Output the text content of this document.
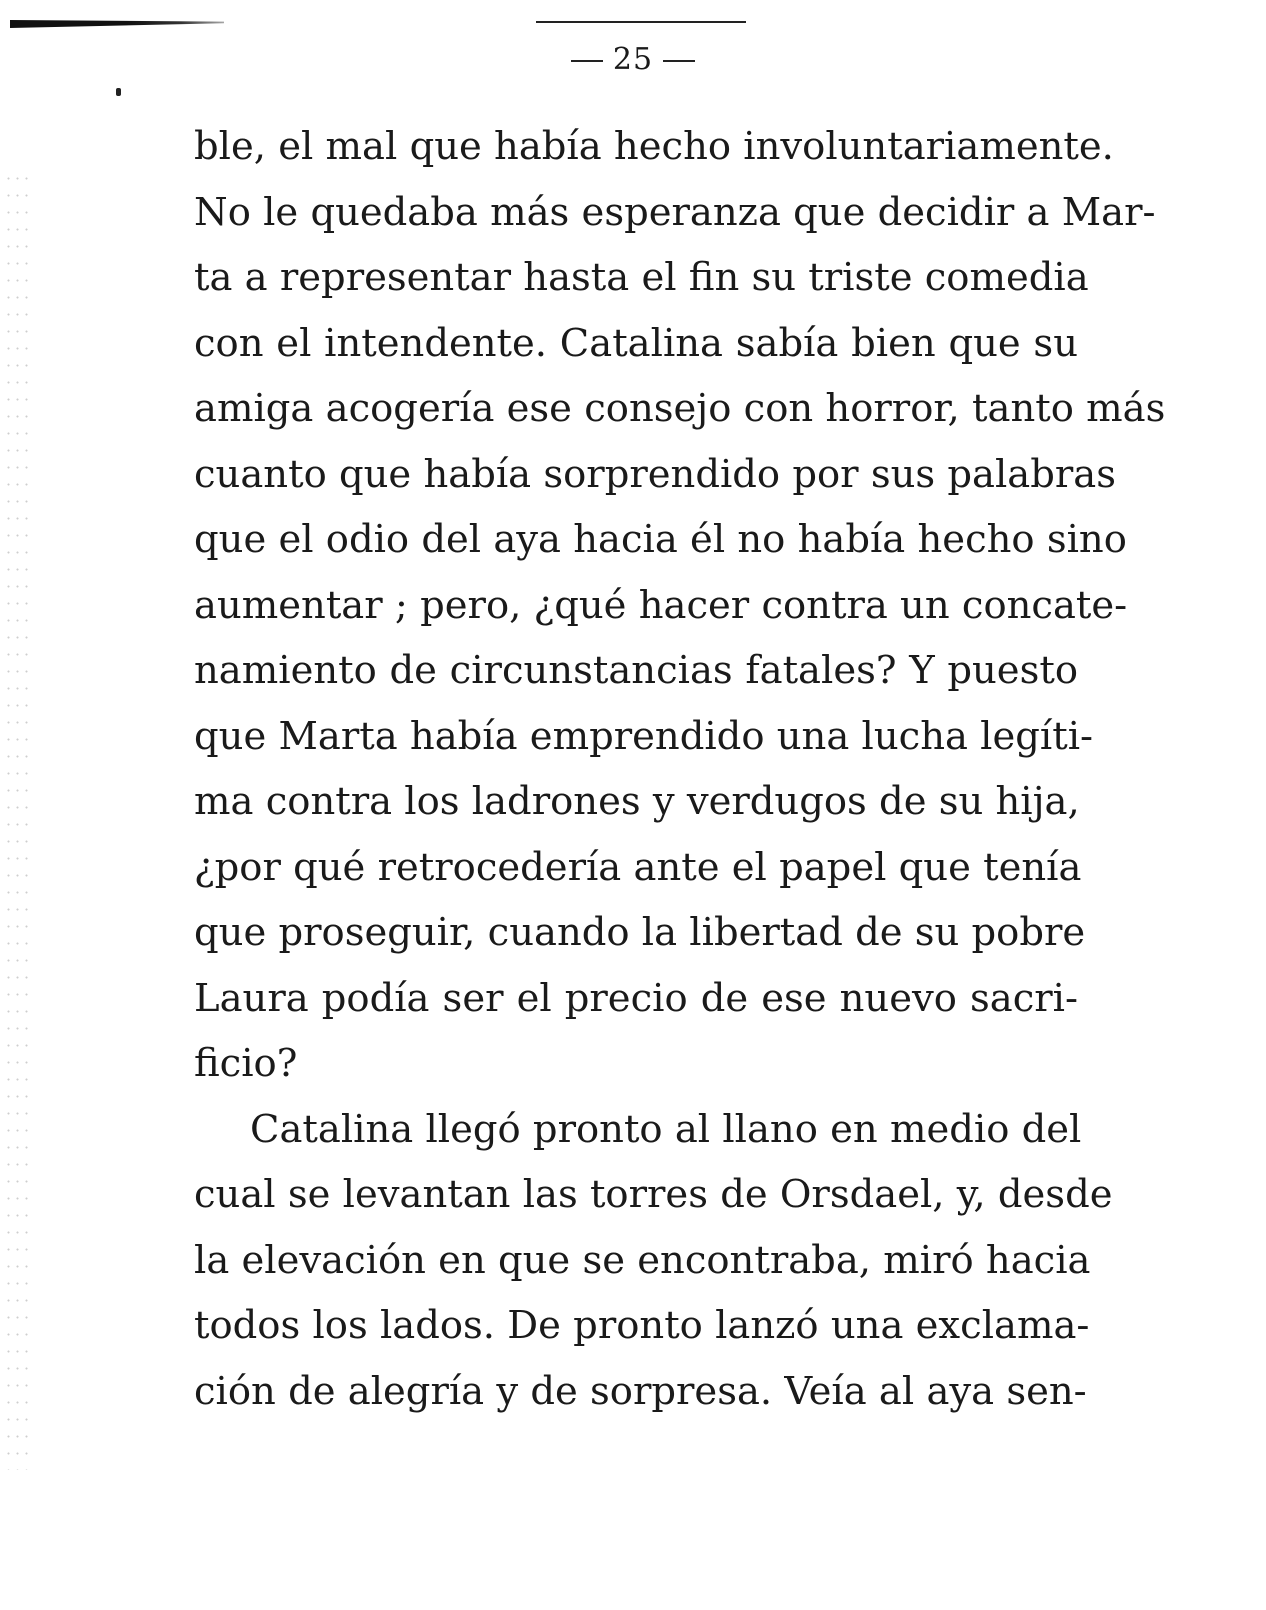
25
ble, el mal que había hecho involuntariamente.
No le quedaba más esperanza que decidir a Mar-
ta a representar hasta el fin su triste comedia
con el intendente. Catalina sabía bien que su
amiga acogería ese consejo con horror, tanto más
cuanto que había sorprendido por sus palabras
que el odio del aya hacia él no había hecho sino
aumentar ; pero, ¿qué hacer contra un concate-
namiento de circunstancias fatales? Y puesto
que Marta había emprendido una lucha legíti-
ma contra los ladrones y verdugos de su hija,
¿por qué retrocedería ante el papel que tenía
que proseguir, cuando la libertad de su pobre
Laura podía ser el precio de ese nuevo sacri-
ficio?
Catalina llegó pronto al llano en medio del
cual se levantan las torres de Orsdael, y, desde
la elevación en que se encontraba, miró hacia
todos los lados. De pronto lanzó una exclama-
ción de alegría y de sorpresa. Veía al aya sen-
